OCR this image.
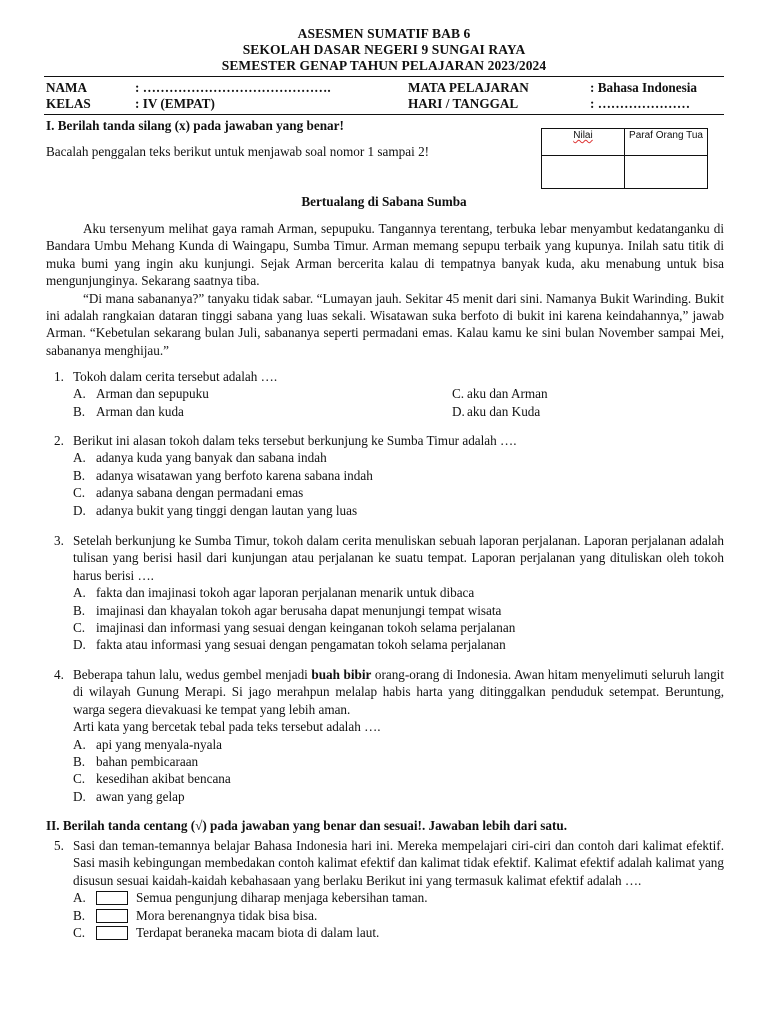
ASESMEN SUMATIF BAB 6
SEKOLAH DASAR NEGERI 9 SUNGAI RAYA
SEMESTER GENAP TAHUN PELAJARAN 2023/2024
NAMA	: …………………………………….	MATA PELAJARAN	: Bahasa Indonesia
KELAS	: IV (EMPAT)	HARI / TANGGAL	: …………………
I. Berilah tanda silang (x) pada jawaban yang benar!
Bacalah penggalan teks berikut untuk menjawab soal nomor 1 sampai 2!
Nilai	Paraf Orang Tua

Bertualang di Sabana Sumba

Aku tersenyum melihat gaya ramah Arman, sepupuku. Tangannya terentang, terbuka lebar menyambut kedatanganku di Bandara Umbu Mehang Kunda di Waingapu, Sumba Timur. Arman memang sepupu terbaik yang kupunya. Inilah satu titik di muka bumi yang ingin aku kunjungi. Sejak Arman bercerita kalau di tempatnya banyak kuda, aku menabung untuk bisa mengunjunginya. Sekarang saatnya tiba.

“Di mana sabananya?” tanyaku tidak sabar. “Lumayan jauh. Sekitar 45 menit dari sini. Namanya Bukit Warinding. Bukit ini adalah rangkaian dataran tinggi sabana yang luas sekali. Wisatawan suka berfoto di bukit ini karena keindahannya,” jawab Arman. “Kebetulan sekarang bulan Juli, sabananya seperti permadani emas. Kalau kamu ke sini bulan November sampai Mei, sabananya menghijau.”

1. Tokoh dalam cerita tersebut adalah ….
A. Arman dan sepupuku	C. aku dan Arman
B. Arman dan kuda	D. aku dan Kuda
2. Berikut ini alasan tokoh dalam teks tersebut berkunjung ke Sumba Timur adalah ….
A. adanya kuda yang banyak dan sabana indah
B. adanya wisatawan yang berfoto karena sabana indah
C. adanya sabana dengan permadani emas
D. adanya bukit yang tinggi dengan lautan yang luas
3. Setelah berkunjung ke Sumba Timur, tokoh dalam cerita menuliskan sebuah laporan perjalanan. Laporan perjalanan adalah tulisan yang berisi hasil dari kunjungan atau perjalanan ke suatu tempat. Laporan perjalanan yang dituliskan oleh tokoh harus berisi ….
A. fakta dan imajinasi tokoh agar laporan perjalanan menarik untuk dibaca
B. imajinasi dan khayalan tokoh agar berusaha dapat menunjungi tempat wisata
C. imajinasi dan informasi yang sesuai dengan keinganan tokoh selama perjalanan
D. fakta atau informasi yang sesuai dengan pengamatan tokoh selama perjalanan
4. Beberapa tahun lalu, wedus gembel menjadi buah bibir orang-orang di Indonesia. Awan hitam menyelimuti seluruh langit di wilayah Gunung Merapi. Si jago merahpun melalap habis harta yang ditinggalkan penduduk setempat. Beruntung, warga segera dievakuasi ke tempat yang lebih aman.
Arti kata yang bercetak tebal pada teks tersebut adalah ….
A. api yang menyala-nyala
B. bahan pembicaraan
C. kesedihan akibat bencana
D. awan yang gelap
II. Berilah tanda centang (√) pada jawaban yang benar dan sesuai!. Jawaban lebih dari satu.
5. Sasi dan teman-temannya belajar Bahasa Indonesia hari ini. Mereka mempelajari ciri-ciri dan contoh dari kalimat efektif. Sasi masih kebingungan membedakan contoh kalimat efektif dan kalimat tidak efektif. Kalimat efektif adalah kalimat yang disusun sesuai kaidah-kaidah kebahasaan yang berlaku Berikut ini yang termasuk kalimat efektif adalah ….
A.	Semua pengunjung diharap menjaga kebersihan taman.
B.	Mora berenangnya tidak bisa bisa.
C.	Terdapat beraneka macam biota di dalam laut.
